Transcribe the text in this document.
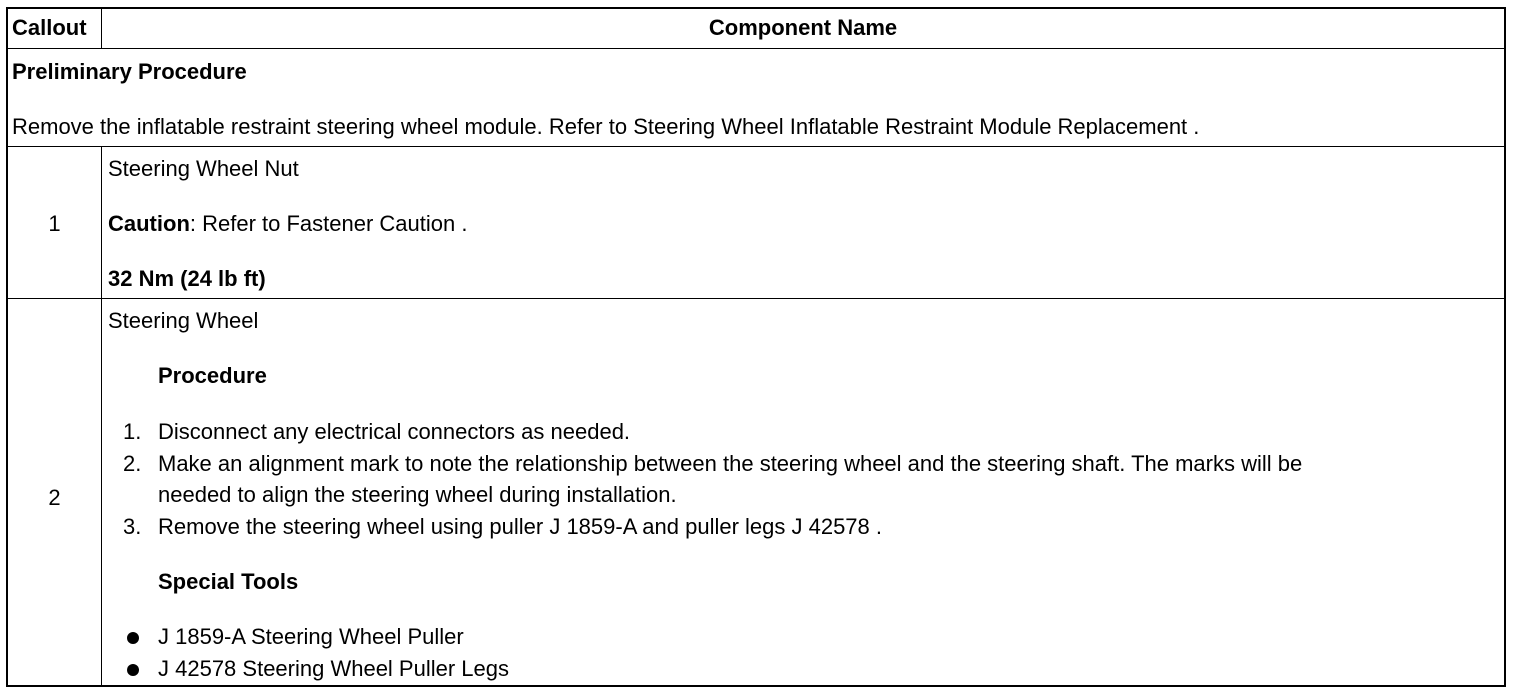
Callout	Component Name
Preliminary Procedure
Remove the inflatable restraint steering wheel module. Refer to Steering Wheel Inflatable Restraint Module Replacement .
1
Steering Wheel Nut
Caution: Refer to Fastener Caution .
32 Nm (24 lb ft)
2
Steering Wheel
Procedure
1. Disconnect any electrical connectors as needed.
2. Make an alignment mark to note the relationship between the steering wheel and the steering shaft. The marks will be
needed to align the steering wheel during installation.
3. Remove the steering wheel using puller J 1859-A and puller legs J 42578 .
Special Tools
J 1859-A Steering Wheel Puller
J 42578 Steering Wheel Puller Legs
